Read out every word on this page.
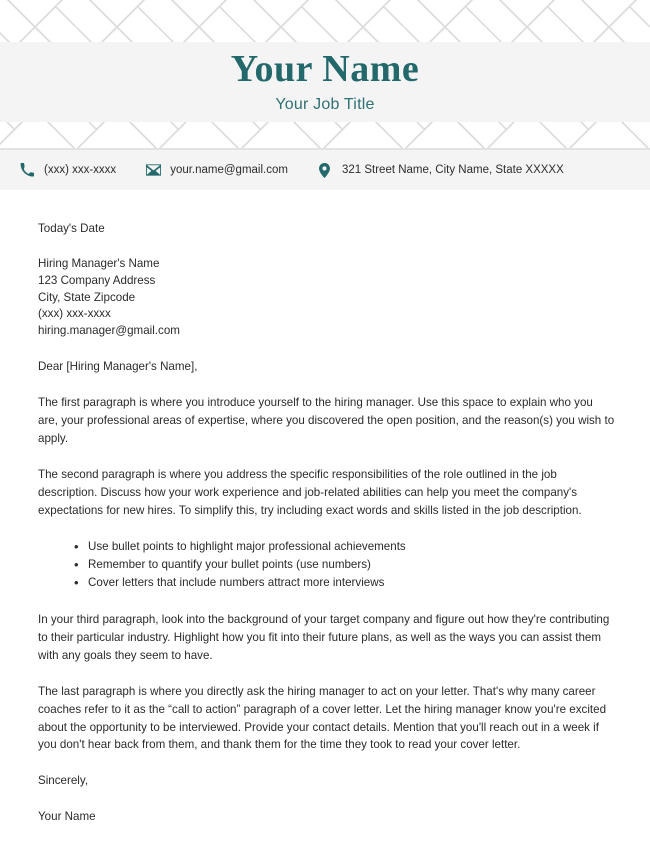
Your Name
Your Job Title
(xxx) xxx-xxxx	your.name@gmail.com	321 Street Name, City Name, State XXXXX

Today's Date

Hiring Manager's Name
123 Company Address
City, State Zipcode
(xxx) xxx-xxxx
hiring.manager@gmail.com

Dear [Hiring Manager's Name],

The first paragraph is where you introduce yourself to the hiring manager. Use this space to explain who you are, your professional areas of expertise, where you discovered the open position, and the reason(s) you wish to apply.

The second paragraph is where you address the specific responsibilities of the role outlined in the job description. Discuss how your work experience and job-related abilities can help you meet the company's expectations for new hires. To simplify this, try including exact words and skills listed in the job description.

• Use bullet points to highlight major professional achievements
• Remember to quantify your bullet points (use numbers)
• Cover letters that include numbers attract more interviews

In your third paragraph, look into the background of your target company and figure out how they're contributing to their particular industry. Highlight how you fit into their future plans, as well as the ways you can assist them with any goals they seem to have.

The last paragraph is where you directly ask the hiring manager to act on your letter. That's why many career coaches refer to it as the “call to action” paragraph of a cover letter. Let the hiring manager know you're excited about the opportunity to be interviewed. Provide your contact details. Mention that you'll reach out in a week if you don't hear back from them, and thank them for the time they took to read your cover letter.

Sincerely,

Your Name
